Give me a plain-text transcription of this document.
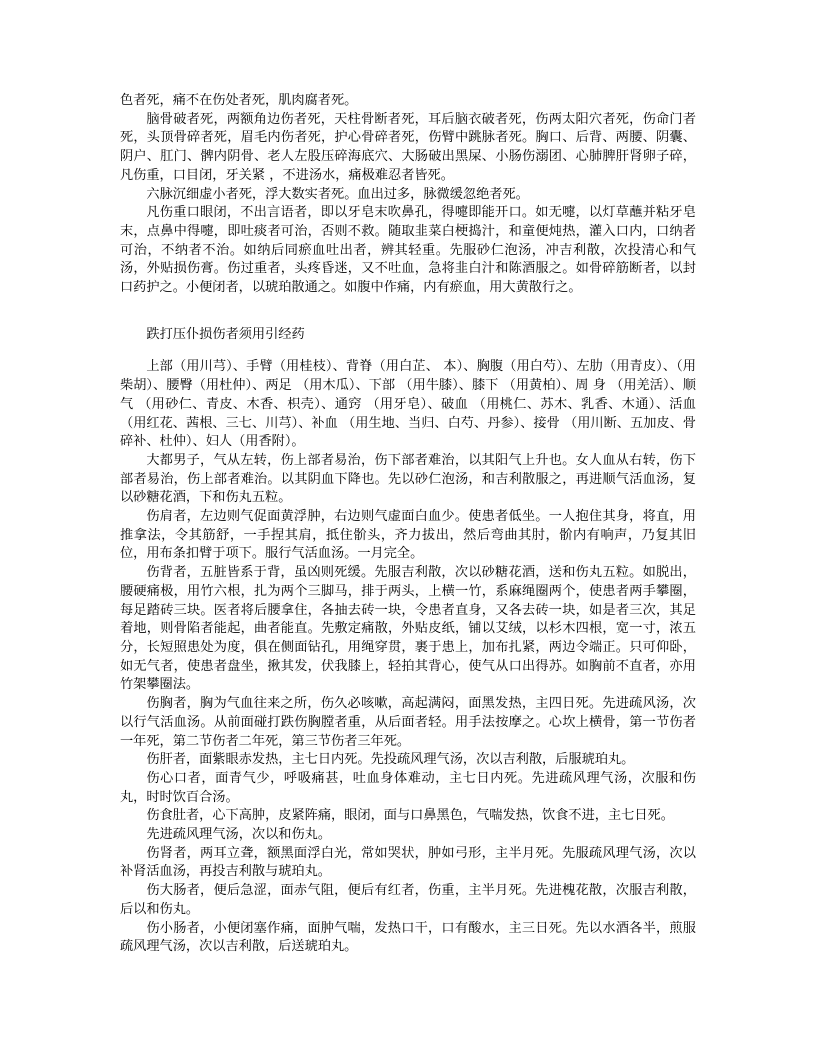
色者死，痛不在伤处者死，肌肉腐者死。

脑骨破者死，两额角边伤者死，天柱骨断者死，耳后脑衣破者死，伤两太阳穴者死，伤命门者死，头顶骨碎者死，眉毛内伤者死，护心骨碎者死，伤臂中跳脉者死。胸口、后背、两腰、阴囊、阴户、肛门、髀内阴骨、老人左股压碎海底穴、大肠破出黑屎、小肠伤溺团、心肺脾肝肾卵子碎，凡伤重，口目闭，牙关紧 ，不进汤水，痛极难忍者皆死。

六脉沉细虚小者死，浮大数实者死。血出过多，脉微缓忽绝者死。

凡伤重口眼闭，不出言语者，即以牙皂末吹鼻孔，得嚏即能开口。如无嚏，以灯草蘸并粘牙皂末，点鼻中得嚏，即吐痰者可治，否则不救。随取韭菜白梗捣汁，和童便炖热，灌入口内，口纳者可治，不纳者不治。如纳后同瘀血吐出者，辨其轻重。先服砂仁泡汤，冲吉利散，次投清心和气汤，外贴损伤膏。伤过重者，头疼昏迷，又不吐血，急将韭白汁和陈酒服之。如骨碎筋断者，以封口药护之。小便闭者，以琥珀散通之。如腹中作痛，内有瘀血，用大黄散行之。

跌打压仆损伤者须用引经药

上部（用川芎）、手臂（用桂枝）、背脊（用白芷、 本）、胸腹（用白芍）、左肋（用青皮）、（用柴胡）、腰臀（用杜仲）、两足 （用木瓜）、下部 （用牛膝）、膝下 （用黄柏）、周 身 （用羌活）、顺气 （用砂仁、青皮、木香、枳壳）、通窍 （用牙皂）、破血 （用桃仁、苏木、乳香、木通）、活血 （用红花、茜根、三七、川芎）、补血 （用生地、当归、白芍、丹参）、接骨 （用川断、五加皮、骨碎补、杜仲）、妇人（用香附）。

大都男子，气从左转，伤上部者易治，伤下部者难治，以其阳气上升也。女人血从右转，伤下部者易治，伤上部者难治。以其阴血下降也。先以砂仁泡汤，和吉利散服之，再进顺气活血汤，复以砂糖花酒，下和伤丸五粒。

伤肩者，左边则气促面黄浮肿，右边则气虚面白血少。使患者低坐。一人抱住其身，将直，用推拿法，令其筋舒，一手捏其肩，抵住骱头，齐力拔出，然后弯曲其肘，骱内有响声，乃复其旧位，用布条扣臂于项下。服行气活血汤。一月完全。

伤背者，五脏皆系于背，虽凶则死缓。先服吉利散，次以砂糖花酒，送和伤丸五粒。如脱出，腰硬痛极，用竹六根，扎为两个三脚马，排于两头，上横一竹，系麻绳圈两个，使患者两手攀圈，每足踏砖三块。医者将后腰拿住，各抽去砖一块，令患者直身，又各去砖一块，如是者三次，其足着地，则骨陷者能起，曲者能直。先敷定痛散，外贴皮纸，铺以艾绒，以杉木四根，宽一寸，浓五分，长短照患处为度，俱在侧面钻孔，用绳穿贯，裹于患上，加布扎紧，两边令端正。只可仰卧，如无气者，使患者盘坐，揪其发，伏我膝上，轻拍其背心，使气从口出得苏。如胸前不直者，亦用竹架攀圈法。

伤胸者，胸为气血往来之所，伤久必咳嗽，高起满闷，面黑发热，主四日死。先进疏风汤，次以行气活血汤。从前面碰打跌伤胸膛者重，从后面者轻。用手法按摩之。心坎上横骨，第一节伤者一年死，第二节伤者二年死，第三节伤者三年死。

伤肝者，面紫眼赤发热，主七日内死。先投疏风理气汤，次以吉利散，后服琥珀丸。

伤心口者，面青气少，呼吸痛甚，吐血身体难动，主七日内死。先进疏风理气汤，次服和伤丸，时时饮百合汤。

伤食肚者，心下高肿，皮紧阵痛，眼闭，面与口鼻黑色，气喘发热，饮食不进，主七日死。

先进疏风理气汤，次以和伤丸。

伤肾者，两耳立聋，额黑面浮白光，常如哭状，肿如弓形，主半月死。先服疏风理气汤，次以补肾活血汤，再投吉利散与琥珀丸。

伤大肠者，便后急涩，面赤气阻，便后有红者，伤重，主半月死。先进槐花散，次服吉利散，后以和伤丸。

伤小肠者，小便闭塞作痛，面肿气喘，发热口干，口有酸水，主三日死。先以水酒各半，煎服疏风理气汤，次以吉利散，后送琥珀丸。
